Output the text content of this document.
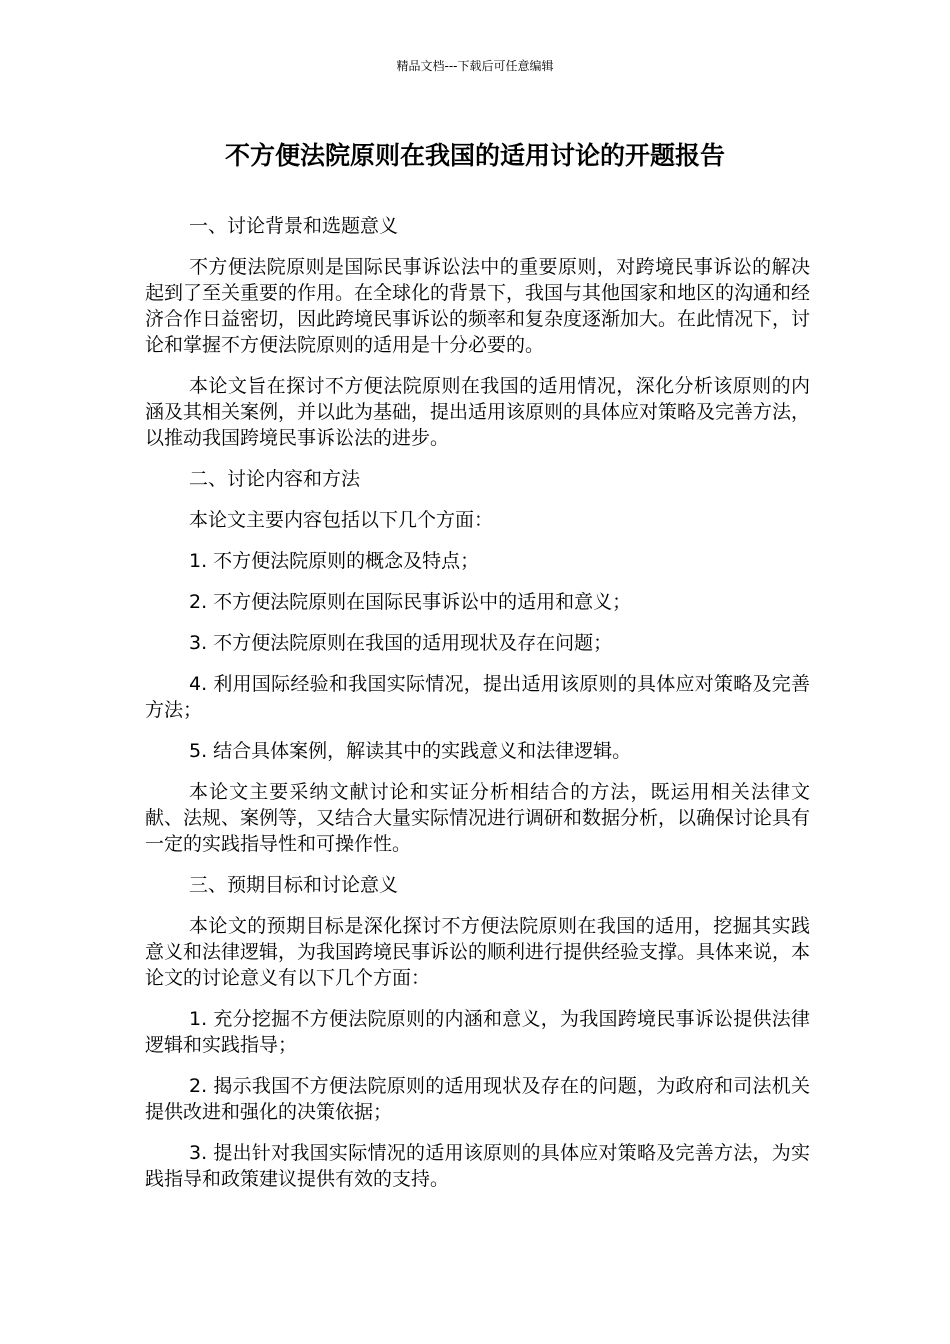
精品文档---下载后可任意编辑
不方便法院原则在我国的适用讨论的开题报告

一、讨论背景和选题意义

不方便法院原则是国际民事诉讼法中的重要原则，对跨境民事诉讼的解决起到了至关重要的作用。在全球化的背景下，我国与其他国家和地区的沟通和经济合作日益密切，因此跨境民事诉讼的频率和复杂度逐渐加大。在此情况下，讨论和掌握不方便法院原则的适用是十分必要的。

本论文旨在探讨不方便法院原则在我国的适用情况，深化分析该原则的内涵及其相关案例，并以此为基础，提出适用该原则的具体应对策略及完善方法，以推动我国跨境民事诉讼法的进步。

二、讨论内容和方法

本论文主要内容包括以下几个方面：

1. 不方便法院原则的概念及特点；

2. 不方便法院原则在国际民事诉讼中的适用和意义；

3. 不方便法院原则在我国的适用现状及存在问题；

4. 利用国际经验和我国实际情况，提出适用该原则的具体应对策略及完善方法；

5. 结合具体案例，解读其中的实践意义和法律逻辑。

本论文主要采纳文献讨论和实证分析相结合的方法，既运用相关法律文献、法规、案例等，又结合大量实际情况进行调研和数据分析，以确保讨论具有一定的实践指导性和可操作性。

三、预期目标和讨论意义

本论文的预期目标是深化探讨不方便法院原则在我国的适用，挖掘其实践意义和法律逻辑，为我国跨境民事诉讼的顺利进行提供经验支撑。具体来说，本论文的讨论意义有以下几个方面：

1. 充分挖掘不方便法院原则的内涵和意义，为我国跨境民事诉讼提供法律逻辑和实践指导；

2. 揭示我国不方便法院原则的适用现状及存在的问题，为政府和司法机关提供改进和强化的决策依据；

3. 提出针对我国实际情况的适用该原则的具体应对策略及完善方法，为实践指导和政策建议提供有效的支持。
